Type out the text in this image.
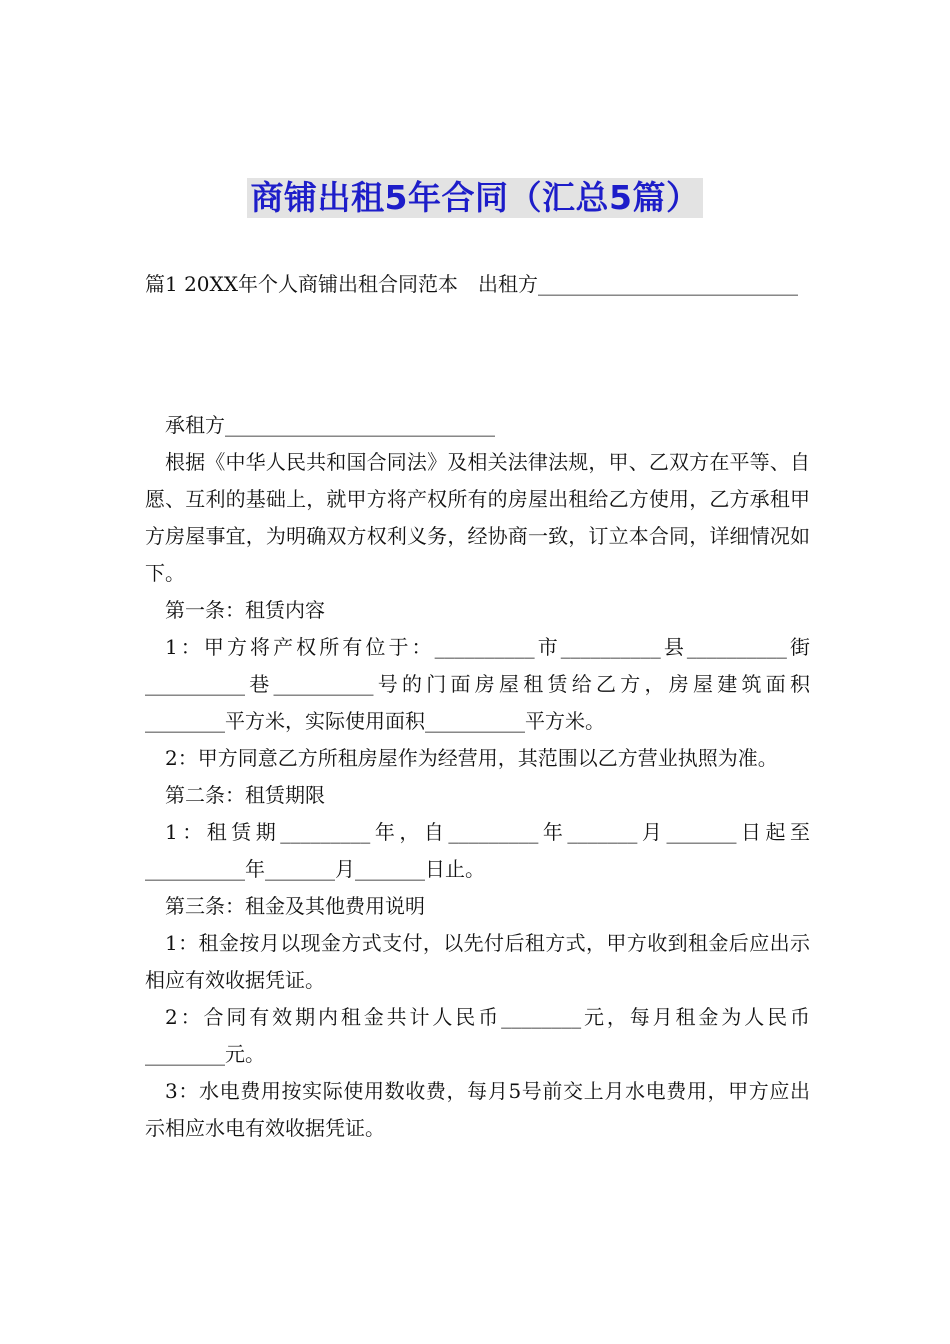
商铺出租5年合同（汇总5篇）

篇1 20XX年个人商铺出租合同范本　出租方__________________________

承租方___________________________

根据《中华人民共和国合同法》及相关法律法规，甲、乙双方在平等、自愿、互利的基础上，就甲方将产权所有的房屋出租给乙方使用，乙方承租甲方房屋事宜，为明确双方权利义务，经协商一致，订立本合同，详细情况如下。

第一条：租赁内容

1：甲方将产权所有位于：__________市__________县__________街__________巷__________号的门面房屋租赁给乙方，房屋建筑面积 ________平方米，实际使用面积__________平方米。

2：甲方同意乙方所租房屋作为经营用，其范围以乙方营业执照为准。

第二条：租赁期限

1：租赁期_________年，自_________年_______月_______日起至__________年_______月_______日止。

第三条：租金及其他费用说明

1：租金按月以现金方式支付，以先付后租方式，甲方收到租金后应出示相应有效收据凭证。

2：合同有效期内租金共计人民币________元，每月租金为人民币________元。

3：水电费用按实际使用数收费，每月5号前交上月水电费用，甲方应出示相应水电有效收据凭证。
